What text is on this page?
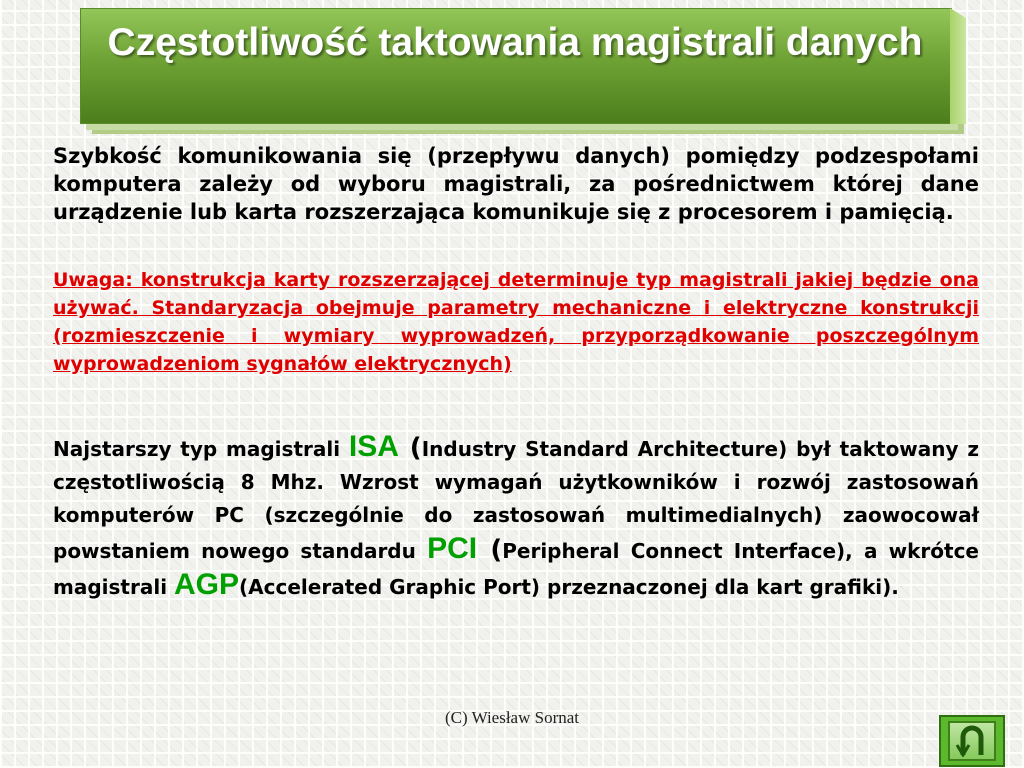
Częstotliwość taktowania magistrali danych

Szybkość komunikowania się (przepływu danych) pomiędzy podzespołami komputera zależy od wyboru magistrali, za pośrednictwem której dane urządzenie lub karta rozszerzająca komunikuje się z procesorem i pamięcią.

Uwaga: konstrukcja karty rozszerzającej determinuje typ magistrali jakiej będzie ona używać. Standaryzacja obejmuje parametry mechaniczne i elektryczne konstrukcji (rozmieszczenie i wymiary wyprowadzeń, przyporządkowanie poszczególnym wyprowadzeniom sygnałów elektrycznych)

Najstarszy typ magistrali ISA (Industry Standard Architecture) był taktowany z częstotliwością 8 Mhz. Wzrost wymagań użytkowników i rozwój zastosowań komputerów PC (szczególnie do zastosowań multimedialnych) zaowocował powstaniem nowego standardu PCI (Peripheral Connect Interface), a wkrótce magistrali AGP(Accelerated Graphic Port) przeznaczonej dla kart grafiki).

(C) Wiesław Sornat
